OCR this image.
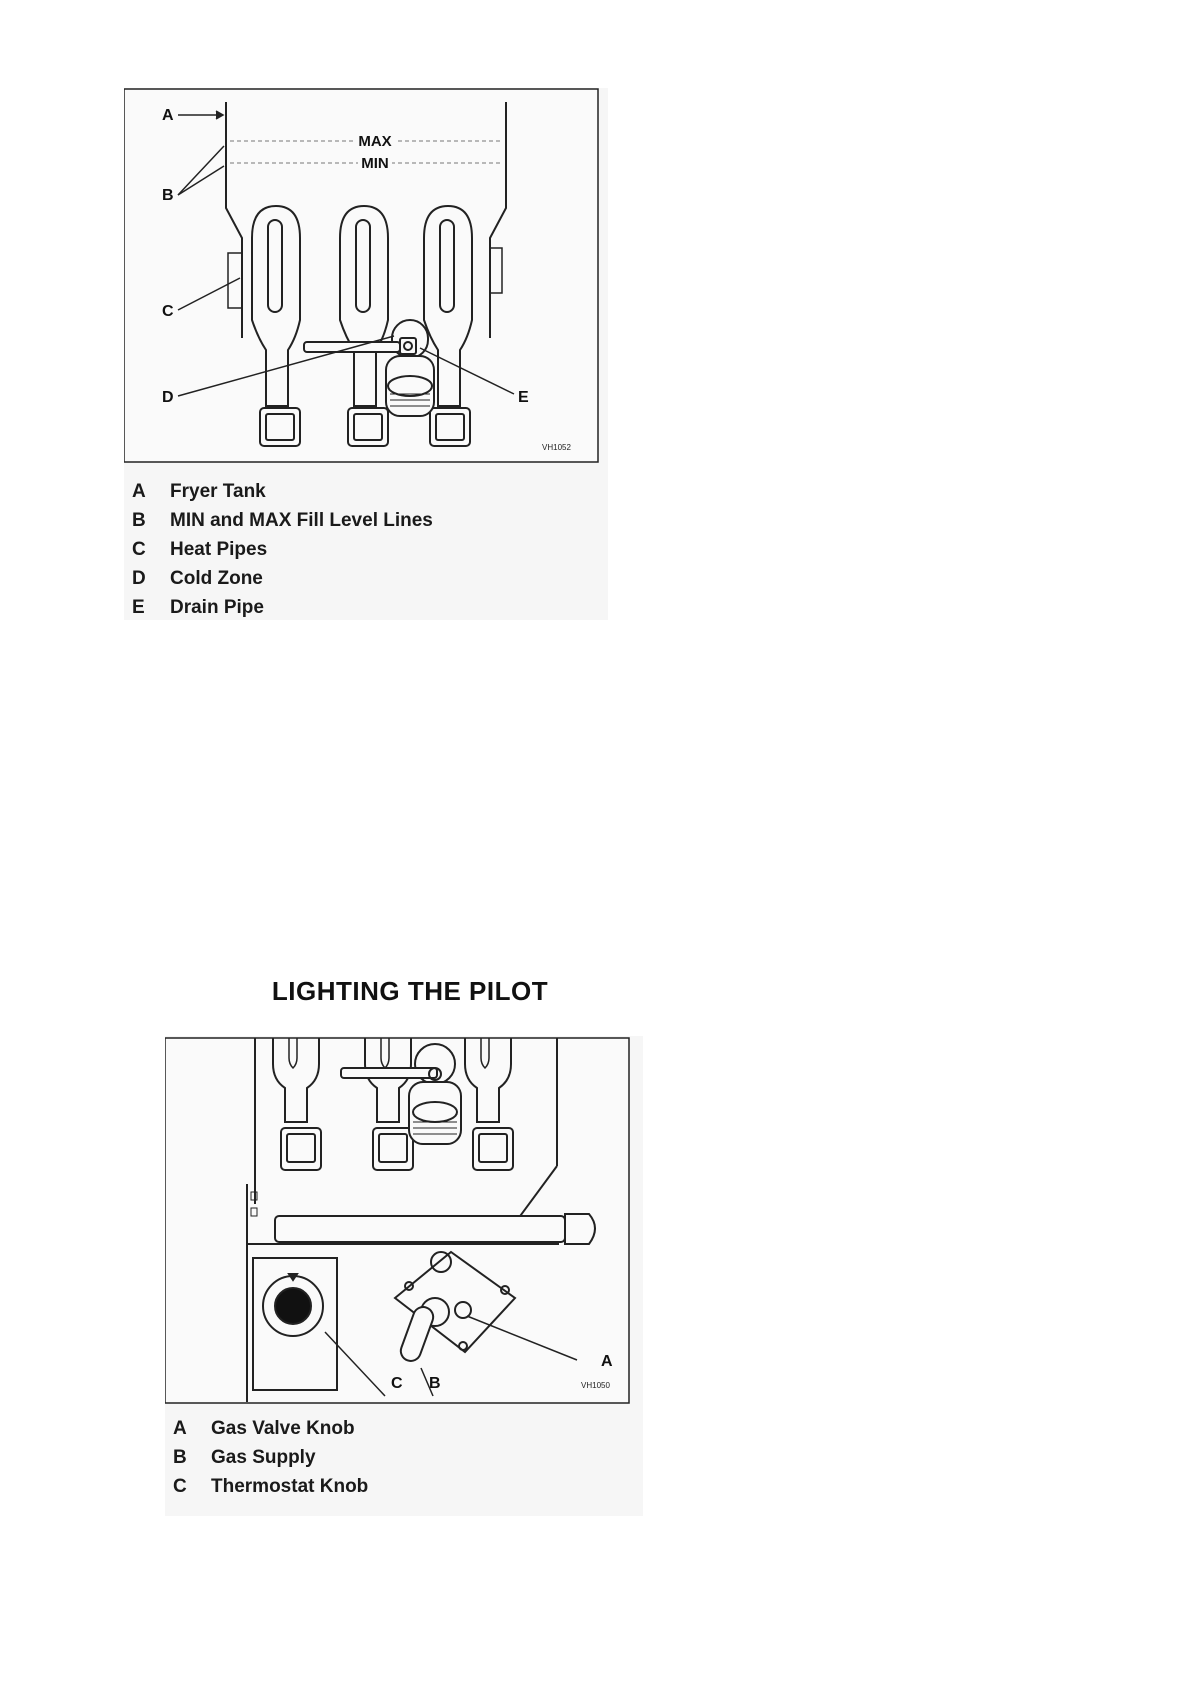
MAX
MIN
A
B
C
D	E
VH1052
A	Fryer Tank
B	MIN and MAX Fill Level Lines
C	Heat Pipes
D	Cold Zone
E	Drain Pipe
LIGHTING THE PILOT
A
B
C	VH1050
A	Gas Valve Knob
B	Gas Supply
C	Thermostat Knob
